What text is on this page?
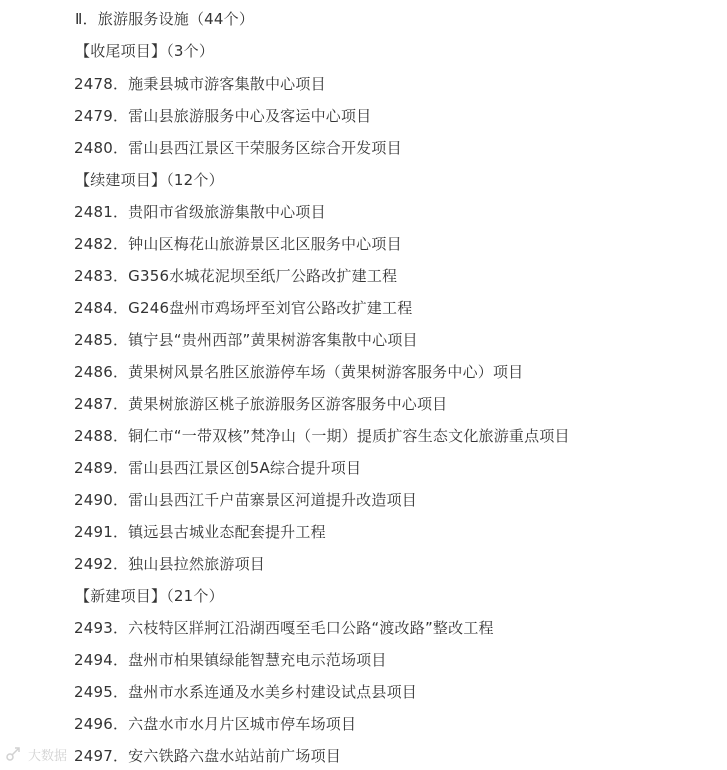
Ⅱ．旅游服务设施（44个）
【收尾项目】（3个）
2478．施秉县城市游客集散中心项目
2479．雷山县旅游服务中心及客运中心项目
2480．雷山县西江景区干荣服务区综合开发项目
【续建项目】（12个）
2481．贵阳市省级旅游集散中心项目
2482．钟山区梅花山旅游景区北区服务中心项目
2483．G356水城花泥坝至纸厂公路改扩建工程
2484．G246盘州市鸡场坪至刘官公路改扩建工程
2485．镇宁县“贵州西部”黄果树游客集散中心项目
2486．黄果树风景名胜区旅游停车场（黄果树游客服务中心）项目
2487．黄果树旅游区桃子旅游服务区游客服务中心项目
2488．铜仁市“一带双核”梵净山（一期）提质扩容生态文化旅游重点项目
2489．雷山县西江景区创5A综合提升项目
2490．雷山县西江千户苗寨景区河道提升改造项目
2491．镇远县古城业态配套提升工程
2492．独山县拉然旅游项目
【新建项目】（21个）
2493．六枝特区牂牁江沿湖西嘎至毛口公路“渡改路”整改工程
2494．盘州市柏果镇绿能智慧充电示范场项目
2495．盘州市水系连通及水美乡村建设试点县项目
2496．六盘水市水月片区城市停车场项目
2497．安六铁路六盘水站站前广场项目
大数据
